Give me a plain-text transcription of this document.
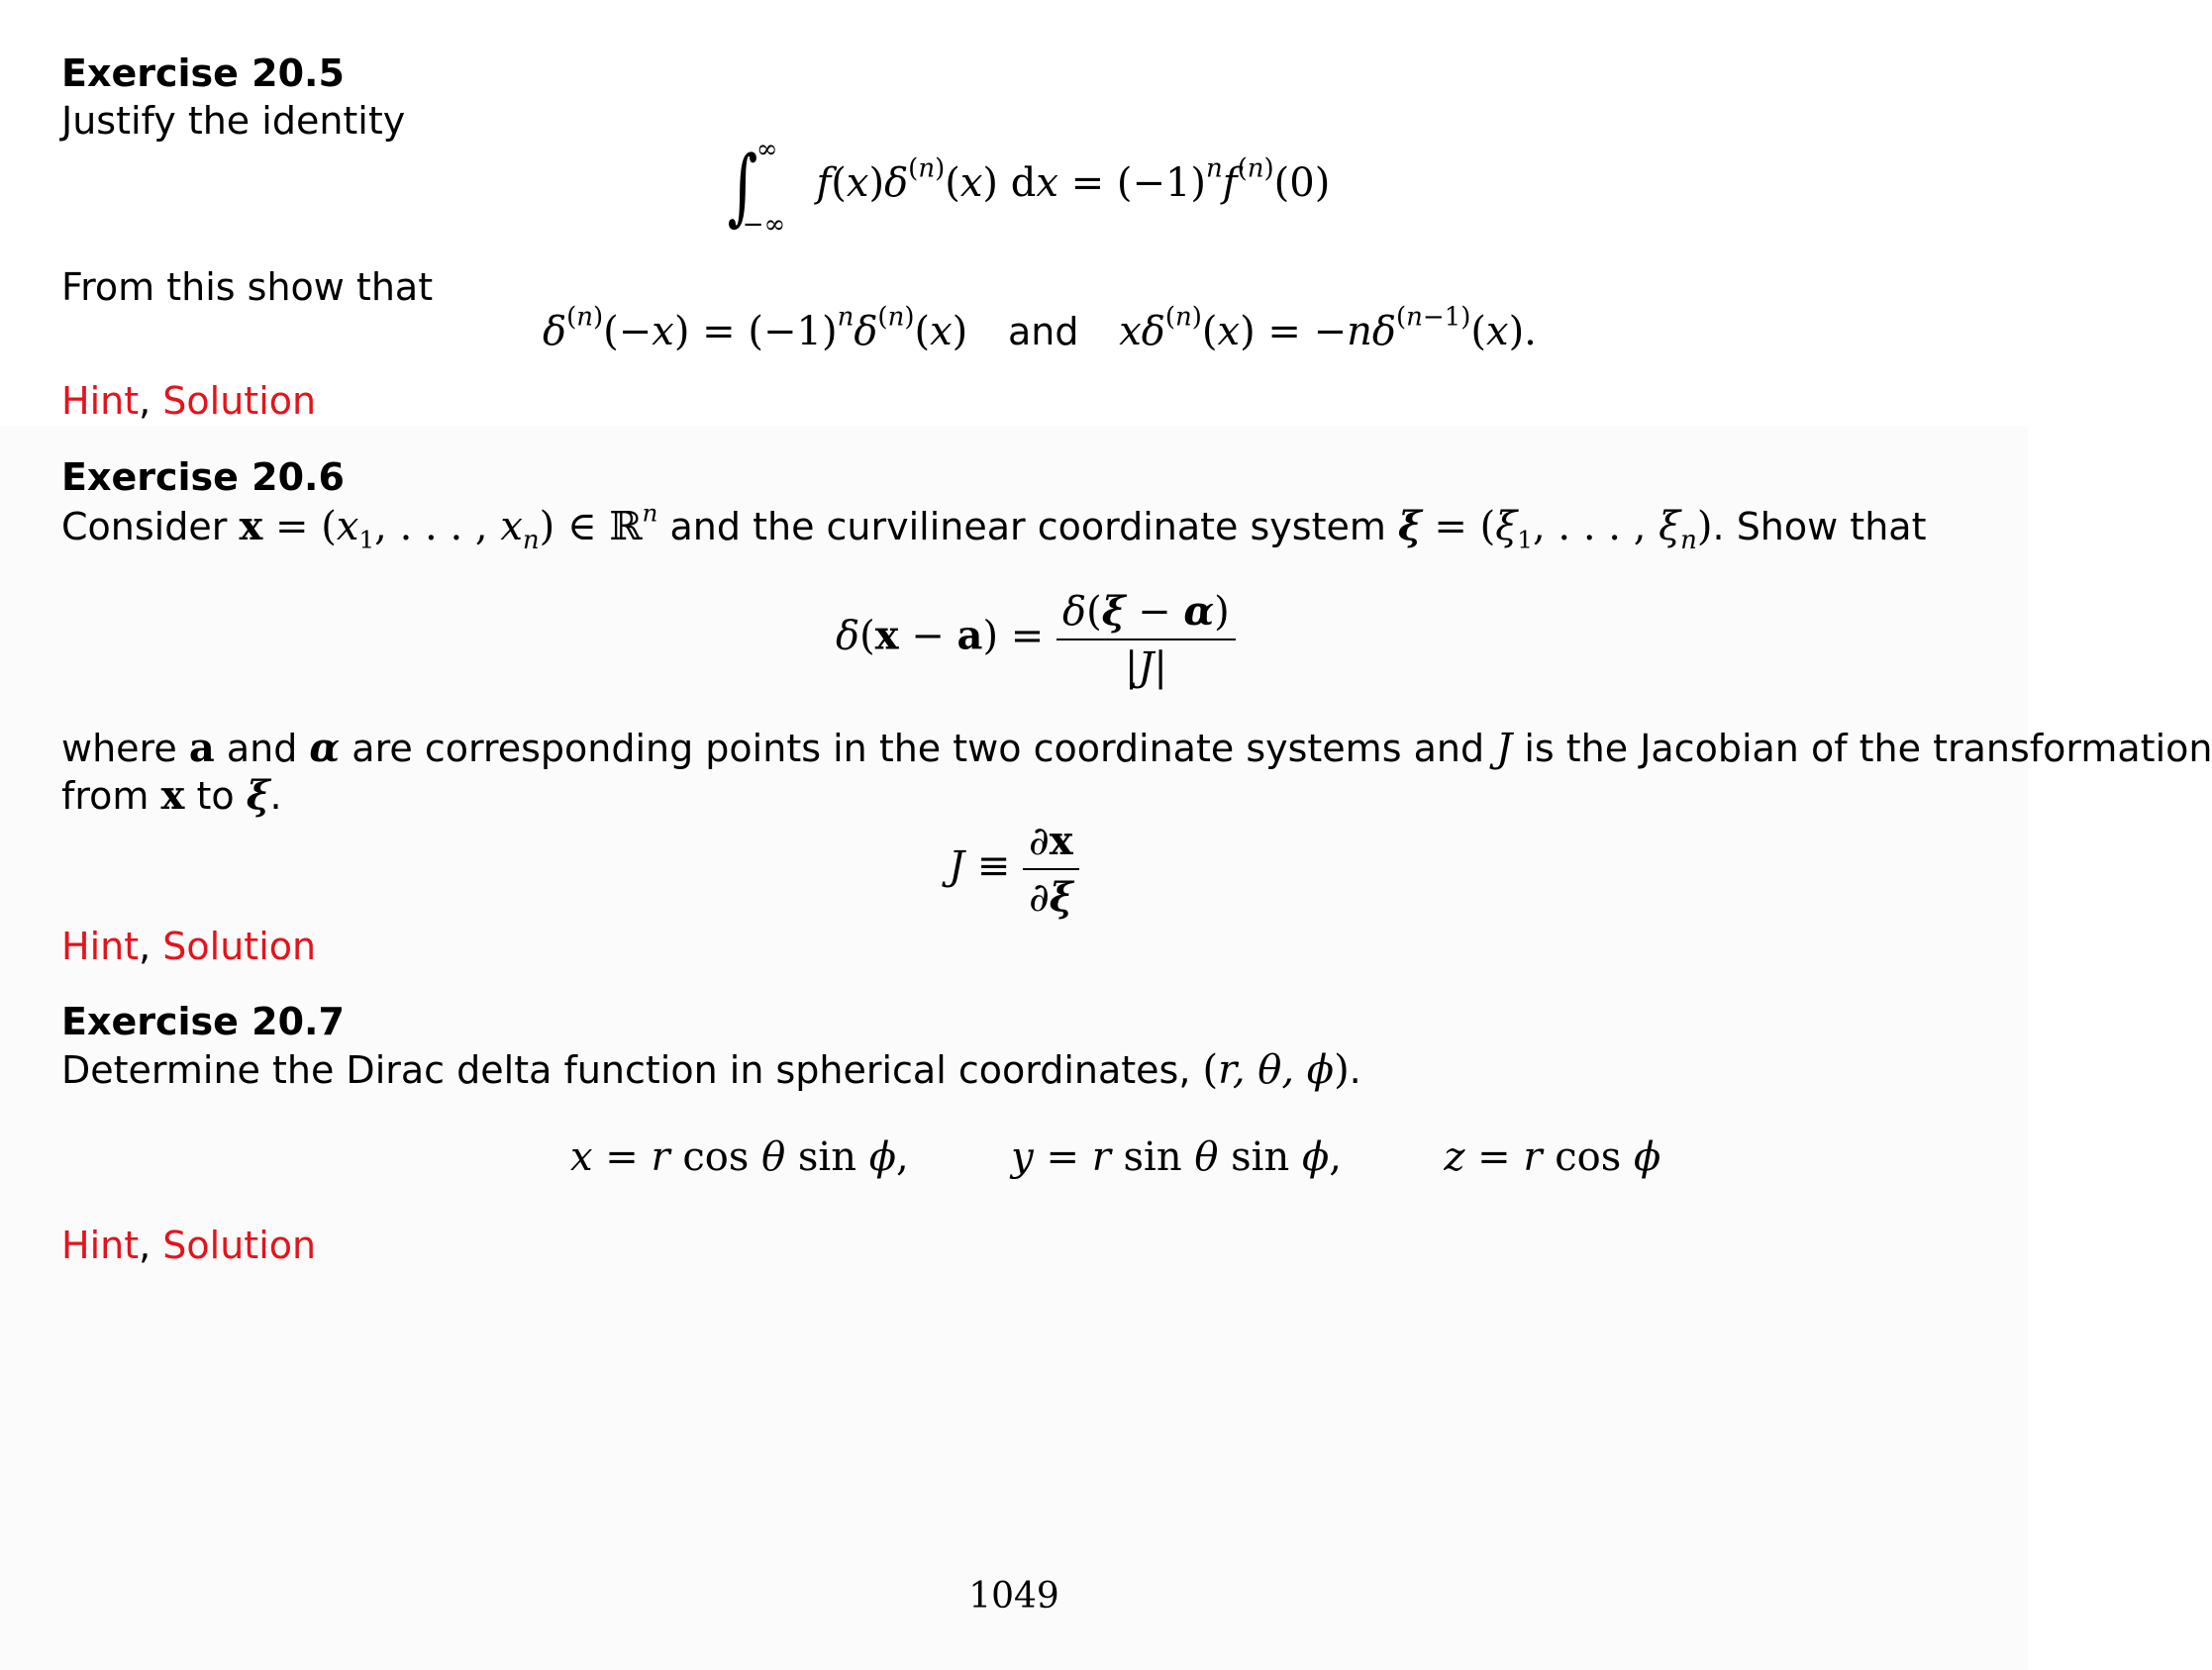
Exercise 20.5
Justify the identity
∫
∞
−∞
$f(x)\delta^{(n)}(x)$ dx = $(-1)^nf^{(n)}(0)$
From this show that
$\delta^{(n)}(-x) = (-1)^n\delta^{(n)}(x)$ and $x\delta^{(n)}(x) = -n\delta^{(n-1)}(x)$.
Hint, Solution
Exercise 20.6
Consider $x = (x_1$, . . . , $x_n$) ∈ ℝ$^n$ and the curvilinear coordinate system $\xi = (\xi_1$, . . . , $\xi_n$). Show that
$\delta(x - a) = \frac{\delta(\xi - \alpha)}{|J|}$
where a and α are corresponding points in the two coordinate systems and J is the Jacobian of the transformation
from x to ξ.
$J \equiv \frac{\partial x}{\partial\xi}$
Hint, Solution
Exercise 20.7
Determine the Dirac delta function in spherical coordinates, (r, θ, ϕ).
x = r cos θ sin ϕ,  y = r sin θ sin ϕ,  z = r cos ϕ
Hint, Solution
1049
